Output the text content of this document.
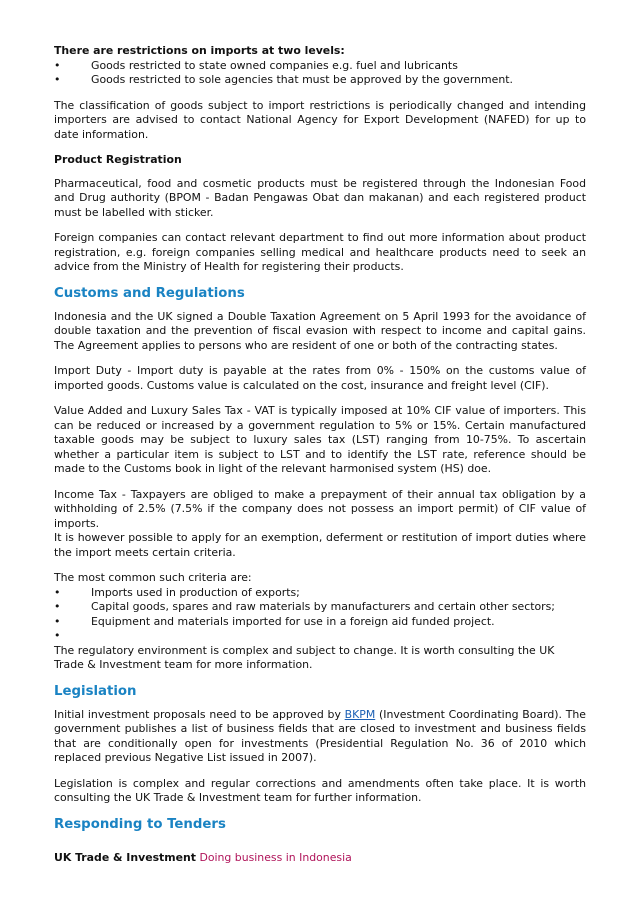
There are restrictions on imports at two levels:

•	Goods restricted to state owned companies e.g. fuel and lubricants
•	Goods restricted to sole agencies that must be approved by the government.

The classification of goods subject to import restrictions is periodically changed and intending importers are advised to contact National Agency for Export Development (NAFED) for up to date information.

Product Registration

Pharmaceutical, food and cosmetic products must be registered through the Indonesian Food and Drug authority (BPOM - Badan Pengawas Obat dan makanan) and each registered product must be labelled with sticker.

Foreign companies can contact relevant department to find out more information about product registration, e.g. foreign companies selling medical and healthcare products need to seek an advice from the Ministry of Health for registering their products.

Customs and Regulations

Indonesia and the UK signed a Double Taxation Agreement on 5 April 1993 for the avoidance of double taxation and the prevention of fiscal evasion with respect to income and capital gains. The Agreement applies to persons who are resident of one or both of the contracting states.

Import Duty - Import duty is payable at the rates from 0% - 150% on the customs value of imported goods. Customs value is calculated on the cost, insurance and freight level (CIF).

Value Added and Luxury Sales Tax - VAT is typically imposed at 10% CIF value of importers. This can be reduced or increased by a government regulation to 5% or 15%. Certain manufactured taxable goods may be subject to luxury sales tax (LST) ranging from 10-75%. To ascertain whether a particular item is subject to LST and to identify the LST rate, reference should be made to the Customs book in light of the relevant harmonised system (HS) doe.

Income Tax - Taxpayers are obliged to make a prepayment of their annual tax obligation by a withholding of 2.5% (7.5% if the company does not possess an import permit) of CIF value of imports.

It is however possible to apply for an exemption, deferment or restitution of import duties where the import meets certain criteria.

The most common such criteria are:

•	Imports used in production of exports;
•	Capital goods, spares and raw materials by manufacturers and certain other sectors;
•	Equipment and materials imported for use in a foreign aid funded project.
•

The regulatory environment is complex and subject to change. It is worth consulting the UK Trade & Investment team for more information.

Legislation

Initial investment proposals need to be approved by BKPM (Investment Coordinating Board). The government publishes a list of business fields that are closed to investment and business fields that are conditionally open for investments (Presidential Regulation No. 36 of 2010 which replaced previous Negative List issued in 2007).

Legislation is complex and regular corrections and amendments often take place. It is worth consulting the UK Trade & Investment team for further information.

Responding to Tenders
UK Trade & Investment Doing business in Indonesia
